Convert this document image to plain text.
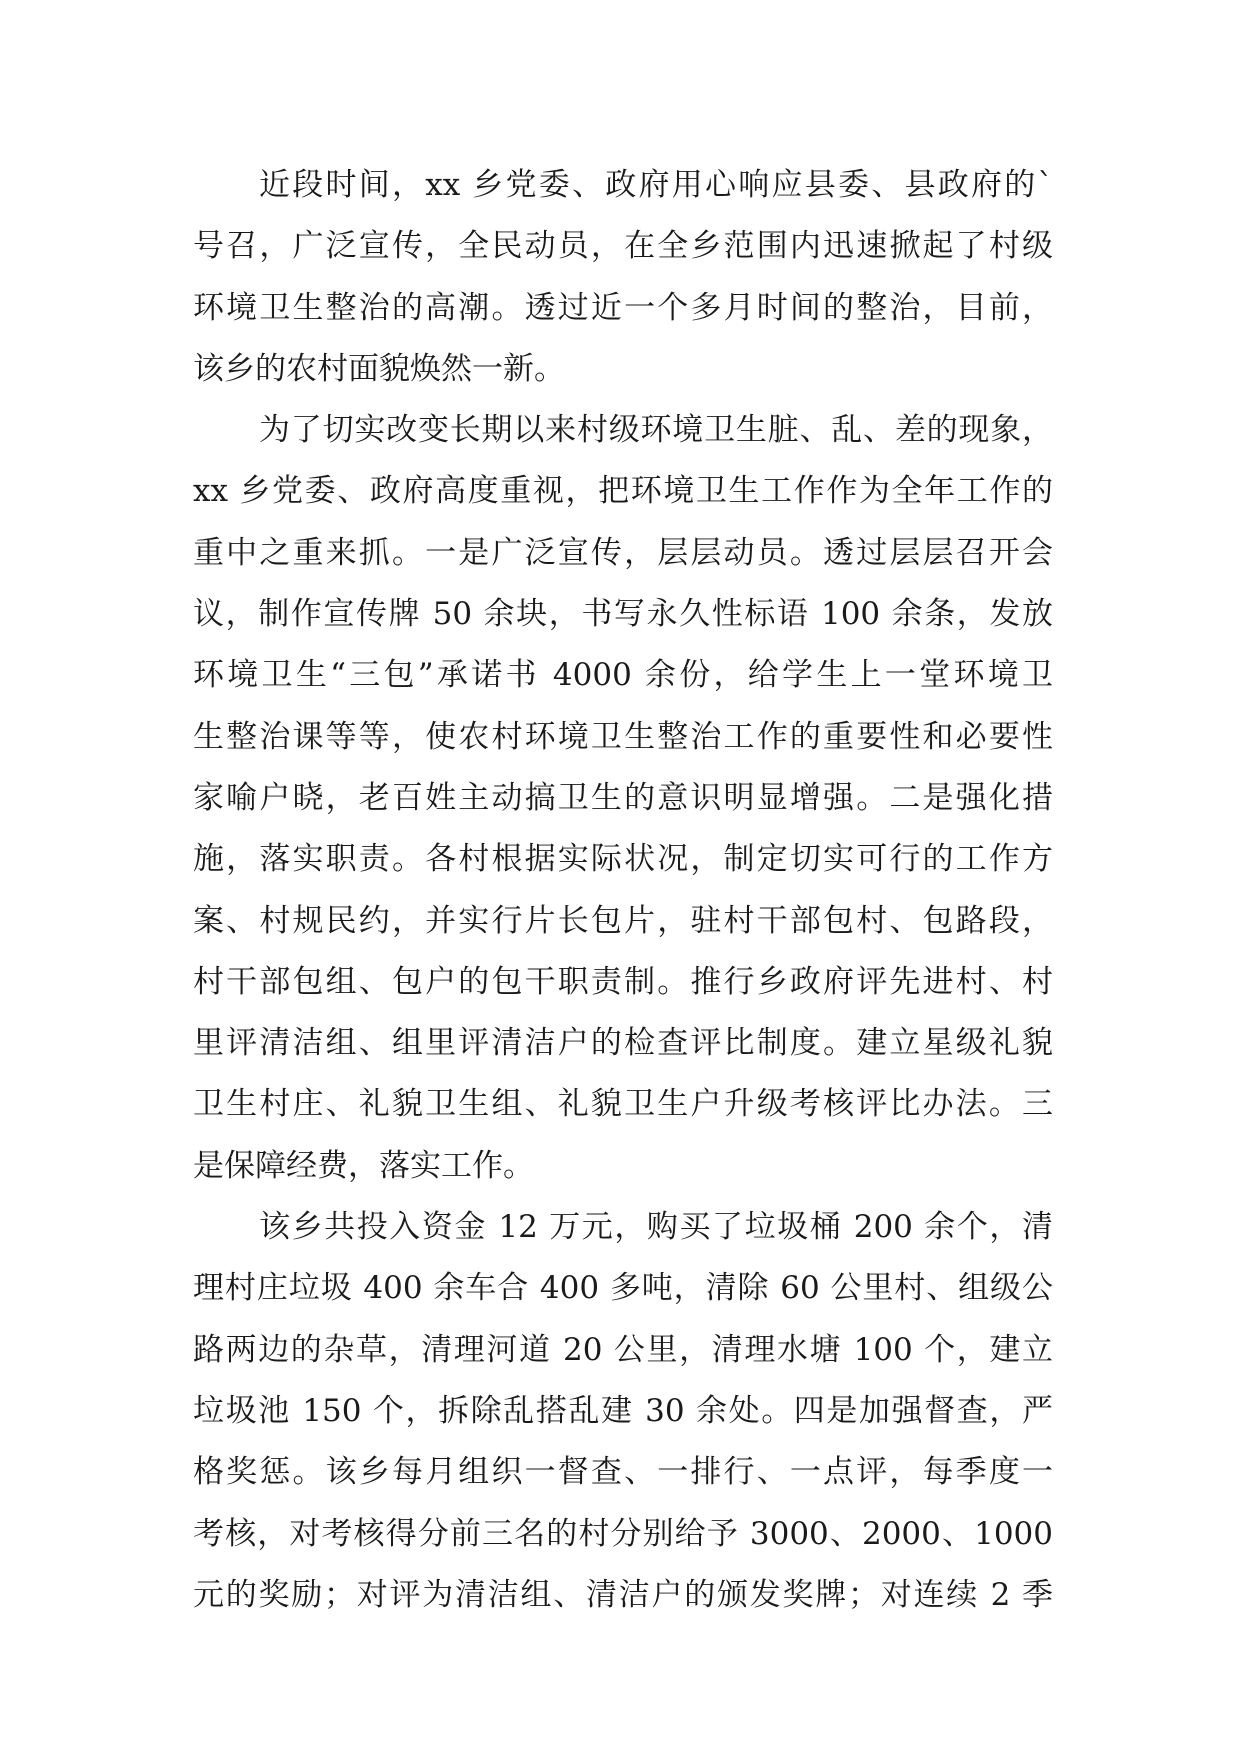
近段时间，xx 乡党委、政府用心响应县委、县政府的`
号召，广泛宣传，全民动员，在全乡范围内迅速掀起了村级
环境卫生整治的高潮。透过近一个多月时间的整治，目前，
该乡的农村面貌焕然一新。
为了切实改变长期以来村级环境卫生脏、乱、差的现象，
xx 乡党委、政府高度重视，把环境卫生工作作为全年工作的
重中之重来抓。一是广泛宣传，层层动员。透过层层召开会
议，制作宣传牌 50 余块，书写永久性标语 100 余条，发放
环境卫生“三包”承诺书 4000 余份，给学生上一堂环境卫
生整治课等等，使农村环境卫生整治工作的重要性和必要性
家喻户晓，老百姓主动搞卫生的意识明显增强。二是强化措
施，落实职责。各村根据实际状况，制定切实可行的工作方
案、村规民约，并实行片长包片，驻村干部包村、包路段，
村干部包组、包户的包干职责制。推行乡政府评先进村、村
里评清洁组、组里评清洁户的检查评比制度。建立星级礼貌
卫生村庄、礼貌卫生组、礼貌卫生户升级考核评比办法。三
是保障经费，落实工作。
该乡共投入资金 12 万元，购买了垃圾桶 200 余个，清
理村庄垃圾 400 余车合 400 多吨，清除 60 公里村、组级公
路两边的杂草，清理河道 20 公里，清理水塘 100 个，建立
垃圾池 150 个，拆除乱搭乱建 30 余处。四是加强督查，严
格奖惩。该乡每月组织一督查、一排行、一点评，每季度一
考核，对考核得分前三名的村分别给予 3000、2000、1000
元的奖励；对评为清洁组、清洁户的颁发奖牌；对连续 2 季
